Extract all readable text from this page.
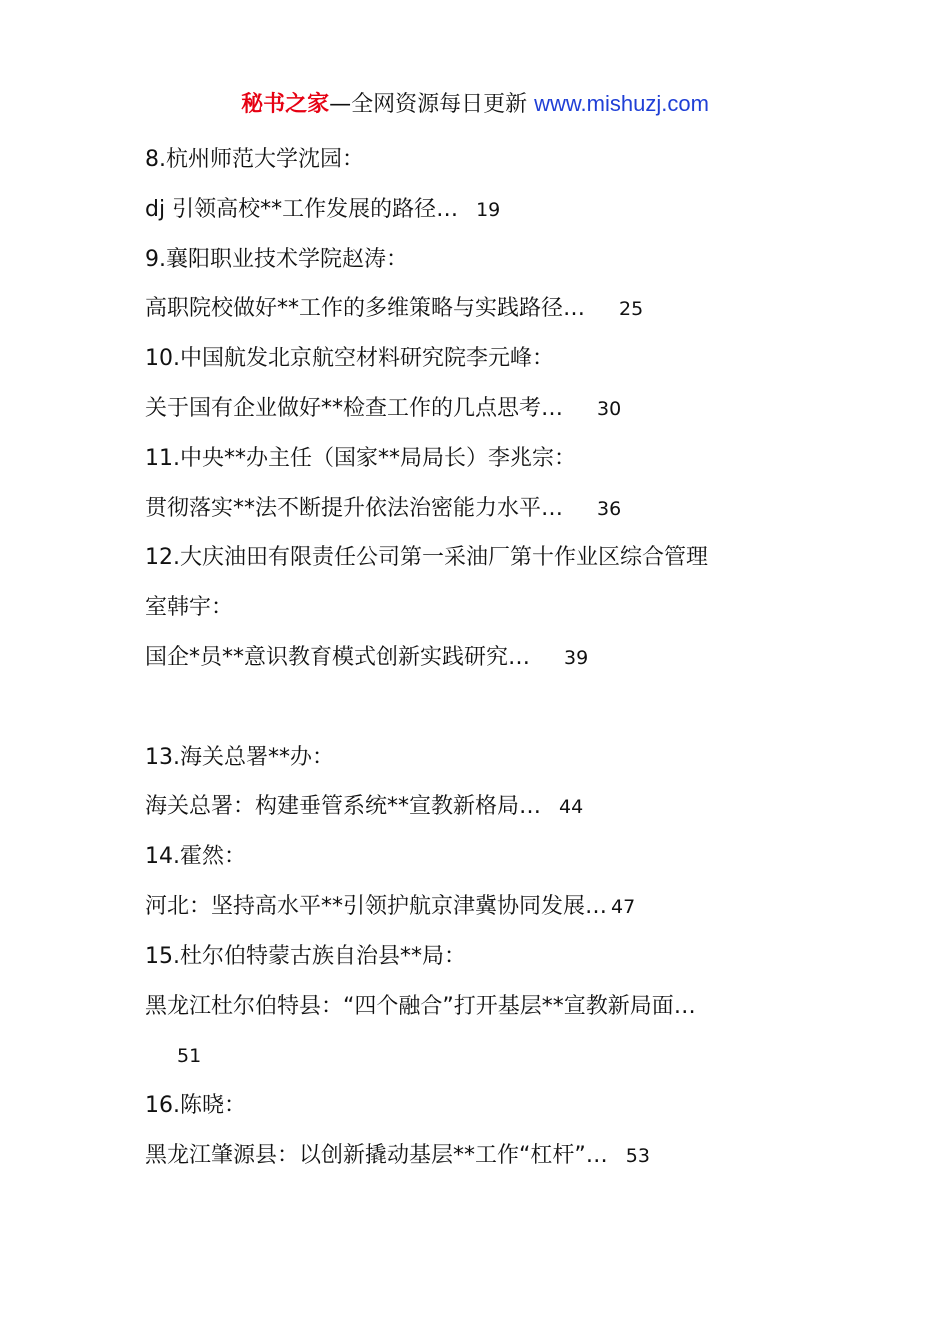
秘书之家—全网资源每日更新 www.mishuzj.com
8.杭州师范大学沈园：
dj 引领高校**工作发展的路径… 19
9.襄阳职业技术学院赵涛：
高职院校做好**工作的多维策略与实践路径… 25
10.中国航发北京航空材料研究院李元峰：
关于国有企业做好**检查工作的几点思考… 30
11.中央**办主任（国家**局局长）李兆宗：
贯彻落实**法不断提升依法治密能力水平… 36
12.大庆油田有限责任公司第一采油厂第十作业区综合管理
室韩宇：
国企*员**意识教育模式创新实践研究… 39
13.海关总署**办：
海关总署：构建垂管系统**宣教新格局… 44
14.霍然：
河北：坚持高水平**引领护航京津冀协同发展… 47
15.杜尔伯特蒙古族自治县**局：
黑龙江杜尔伯特县：“四个融合”打开基层**宣教新局面…
51
16.陈晓：
黑龙江肇源县：以创新撬动基层**工作“杠杆”… 53
